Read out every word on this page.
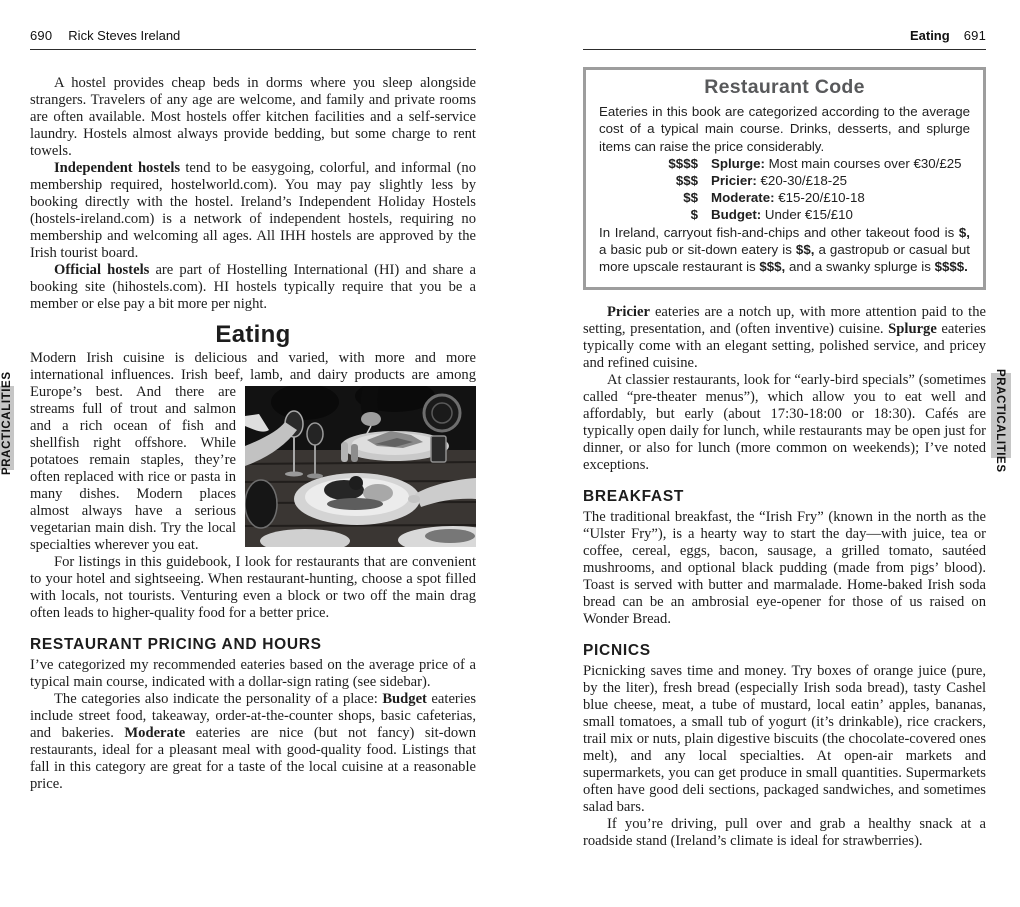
PRACTICALITIES	PRACTICALITIES
690 Rick Steves Ireland

A hostel provides cheap beds in dorms where you sleep alongside strangers. Travelers of any age are welcome, and family and private rooms are often available. Most hostels offer kitchen facilities and a self-service laundry. Hostels almost always provide bedding, but some charge to rent towels.

Independent hostels tend to be easygoing, colorful, and informal (no membership required, hostelworld.com). You may pay slightly less by booking directly with the hostel. Ireland’s Independent Holiday Hostels (hostels-ireland.com) is a network of independent hostels, requiring no membership and welcoming all ages. All IHH hostels are approved by the Irish tourist board.

Official hostels are part of Hostelling International (HI) and share a booking site (hihostels.com). HI hostels typically require that you be a member or else pay a bit more per night.

Eating

Modern Irish cuisine is delicious and varied, with more and more international influences. Irish beef, lamb, and dairy products are
among Europe’s best. And there are streams full of trout and salmon and a rich ocean of fish and shellfish right offshore. While potatoes remain staples, they’re often replaced with rice or pasta in many dishes. Modern places almost always have a serious vegetarian main dish. Try the local specialties wherever you eat.

For listings in this guidebook, I look for restaurants that are convenient to your hotel and sightseeing. When restaurant-hunting, choose a spot filled with locals, not tourists. Venturing even a block or two off the main drag often leads to higher-quality food for a better price.

RESTAURANT PRICING AND HOURS

I’ve categorized my recommended eateries based on the average price of a typical main course, indicated with a dollar-sign rating (see sidebar).

The categories also indicate the personality of a place: Budget eateries include street food, takeaway, order-at-the-counter shops, basic cafeterias, and bakeries. Moderate eateries are nice (but not fancy) sit-down restaurants, ideal for a pleasant meal with good-quality food. Listings that fall in this category are great for a taste of the local cuisine at a reasonable price.

Eating 691
Restaurant Code

Eateries in this book are categorized according to the average cost of a typical main course. Drinks, desserts, and splurge items can raise the price considerably.

$$$$ Splurge: Most main courses over €30/£25
$$$ Pricier: €20-30/£18-25
$$ Moderate: €15-20/£10-18
$ Budget: Under €15/£10

In Ireland, carryout fish-and-chips and other takeout food is $, a basic pub or sit-down eatery is $$, a gastropub or casual but more upscale restaurant is $$$, and a swanky splurge is $$$$.

Pricier eateries are a notch up, with more attention paid to the setting, presentation, and (often inventive) cuisine. Splurge eateries typically come with an elegant setting, polished service, and pricey and refined cuisine.

At classier restaurants, look for “early-bird specials” (sometimes called “pre-theater menus”), which allow you to eat well and affordably, but early (about 17:30-18:00 or 18:30). Cafés are typically open daily for lunch, while restaurants may be open just for dinner, or also for lunch (more common on weekends); I’ve noted exceptions.

BREAKFAST

The traditional breakfast, the “Irish Fry” (known in the north as the “Ulster Fry”), is a hearty way to start the day—with juice, tea or coffee, cereal, eggs, bacon, sausage, a grilled tomato, sautéed mushrooms, and optional black pudding (made from pigs’ blood). Toast is served with butter and marmalade. Home-baked Irish soda bread can be an ambrosial eye-opener for those of us raised on Wonder Bread.

PICNICS

Picnicking saves time and money. Try boxes of orange juice (pure, by the liter), fresh bread (especially Irish soda bread), tasty Cashel blue cheese, meat, a tube of mustard, local eatin’ apples, bananas, small tomatoes, a small tub of yogurt (it’s drinkable), rice crackers, trail mix or nuts, plain digestive biscuits (the chocolate-covered ones melt), and any local specialties. At open-air markets and supermarkets, you can get produce in small quantities. Supermarkets often have good deli sections, packaged sandwiches, and sometimes salad bars.

If you’re driving, pull over and grab a healthy snack at a roadside stand (Ireland’s climate is ideal for strawberries).
